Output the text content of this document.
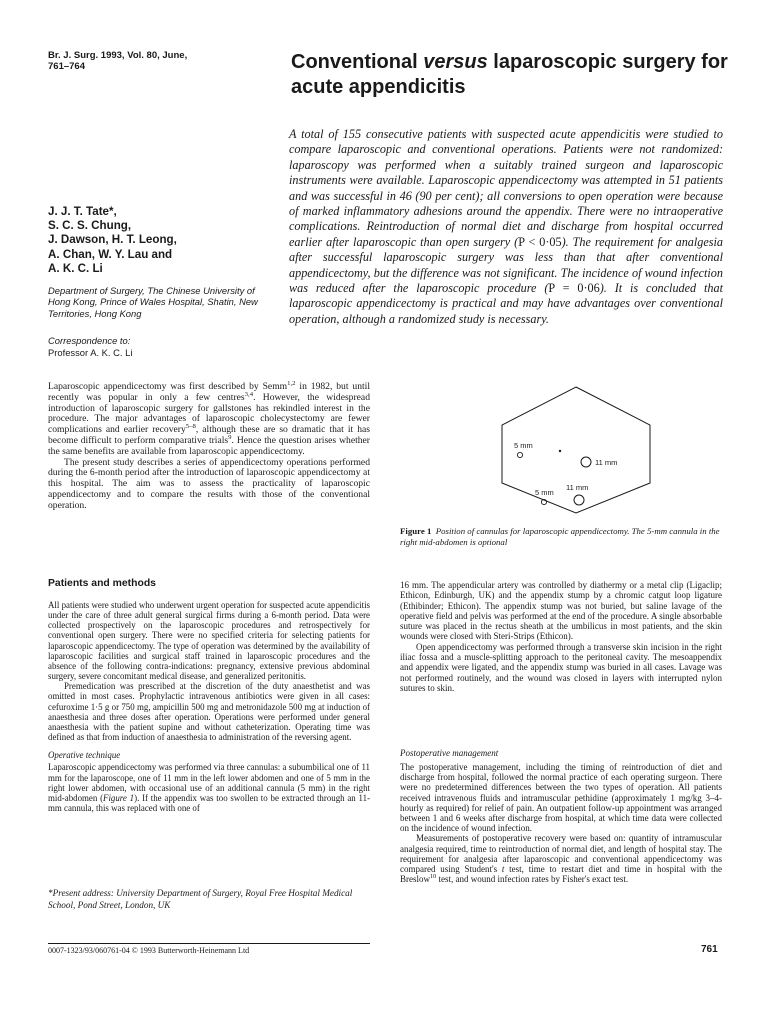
Br. J. Surg. 1993, Vol. 80, June,
761–764	Conventional versus laparoscopic surgery for acute appendicitis
A total of 155 consecutive patients with suspected acute appendicitis were studied to compare laparoscopic and conventional operations. Patients were not randomized: laparoscopy was performed when a suitably trained surgeon and laparoscopic instruments were available. Laparoscopic appendicectomy was attempted in 51 patients and was successful in 46 (90 per cent); all conversions to open operation were because of marked inflammatory adhesions around the appendix. There were no intraoperative complications. Reintroduction of normal diet and discharge from hospital occurred earlier after laparoscopic than open surgery (P < 0·05). The requirement for analgesia after successful laparoscopic surgery was less than that after conventional appendicectomy, but the difference was not significant. The incidence of wound infection was reduced after the laparoscopic procedure (P = 0·06). It is concluded that laparoscopic appendicectomy is practical and may have advantages over conventional operation, although a randomized study is necessary.
J. J. T. Tate*,
S. C. S. Chung,
J. Dawson, H. T. Leong,
A. Chan, W. Y. Lau and
A. K. C. Li
Department of Surgery, The Chinese University of Hong Kong, Prince of Wales Hospital, Shatin, New Territories, Hong Kong
Correspondence to:
Professor A. K. C. Li

Laparoscopic appendicectomy was first described by Semm$^{1,2}$ in 1982, but until recently was popular in only a few centres$^{3,4}$. However, the widespread introduction of laparoscopic surgery for gallstones has rekindled interest in the procedure. The major advantages of laparoscopic cholecystectomy are fewer complications and earlier recovery$^{5-8}$, although these are so dramatic that it has become difficult to perform comparative trials$^9$. Hence the question arises whether the same benefits are available from laparoscopic appendicectomy.

The present study describes a series of appendicectomy operations performed during the 6-month period after the introduction of laparoscopic appendicectomy at this hospital. The aim was to assess the practicality of laparoscopic appendicectomy and to compare the results with those of the conventional operation.

Patients and methods

All patients were studied who underwent urgent operation for suspected acute appendicitis under the care of three adult general surgical firms during a 6-month period. Data were collected prospectively on the laparoscopic procedures and retrospectively for conventional open surgery. There were no specified criteria for selecting patients for laparoscopic appendicectomy. The type of operation was determined by the availability of laparoscopic facilities and surgical staff trained in laparoscopic procedures and the absence of the following contra-indications: pregnancy, extensive previous abdominal surgery, severe concomitant medical disease, and generalized peritonitis.

Premedication was prescribed at the discretion of the duty anaesthetist and was omitted in most cases. Prophylactic intravenous antibiotics were given in all cases: cefuroxime 1·5 g or 750 mg, ampicillin 500 mg and metronidazole 500 mg at induction of anaesthesia and three doses after operation. Operations were performed under general anaesthesia with the patient supine and without catheterization. Operating time was defined as that from induction of anaesthesia to administration of the reversing agent.

Operative technique

Laparoscopic appendicectomy was performed via three cannulas: a subumbilical one of 11 mm for the laparoscope, one of 11 mm in the left lower abdomen and one of 5 mm in the right lower abdomen, with occasional use of an additional cannula (5 mm) in the right mid-abdomen (Figure 1). If the appendix was too swollen to be extracted through an 11-mm cannula, this was replaced with one of

*Present address: University Department of Surgery, Royal Free Hospital Medical School, Pond Street, London, UK
5 mm
11 mm
11 mm
5 mm
Figure 1 Position of cannulas for laparoscopic appendicectomy. The 5-mm cannula in the right mid-abdomen is optional

16 mm. The appendicular artery was controlled by diathermy or a metal clip (Ligaclip; Ethicon, Edinburgh, UK) and the appendix stump by a chromic catgut loop ligature (Ethibinder; Ethicon). The appendix stump was not buried, but saline lavage of the operative field and pelvis was performed at the end of the procedure. A single absorbable suture was placed in the rectus sheath at the umbilicus in most patients, and the skin wounds were closed with Steri-Strips (Ethicon).

Open appendicectomy was performed through a transverse skin incision in the right iliac fossa and a muscle-splitting approach to the peritoneal cavity. The mesoappendix and appendix were ligated, and the appendix stump was buried in all cases. Lavage was not performed routinely, and the wound was closed in layers with interrupted nylon sutures to skin.

Postoperative management

The postoperative management, including the timing of reintroduction of diet and discharge from hospital, followed the normal practice of each operating surgeon. There were no predetermined differences between the two types of operation. All patients received intravenous fluids and intramuscular pethidine (approximately 1 mg/kg 3–4-hourly as required) for relief of pain. An outpatient follow-up appointment was arranged between 1 and 6 weeks after discharge from hospital, at which time data were collected on the incidence of wound infection.

Measurements of postoperative recovery were based on: quantity of intramuscular analgesia required, time to reintroduction of normal diet, and length of hospital stay. The requirement for analgesia after laparoscopic and conventional appendicectomy was compared using Student's t test, time to restart diet and time in hospital with the Breslow$^{10}$ test, and wound infection rates by Fisher's exact test.

0007-1323/93/060761-04 © 1993 Butterworth-Heinemann Ltd	761
